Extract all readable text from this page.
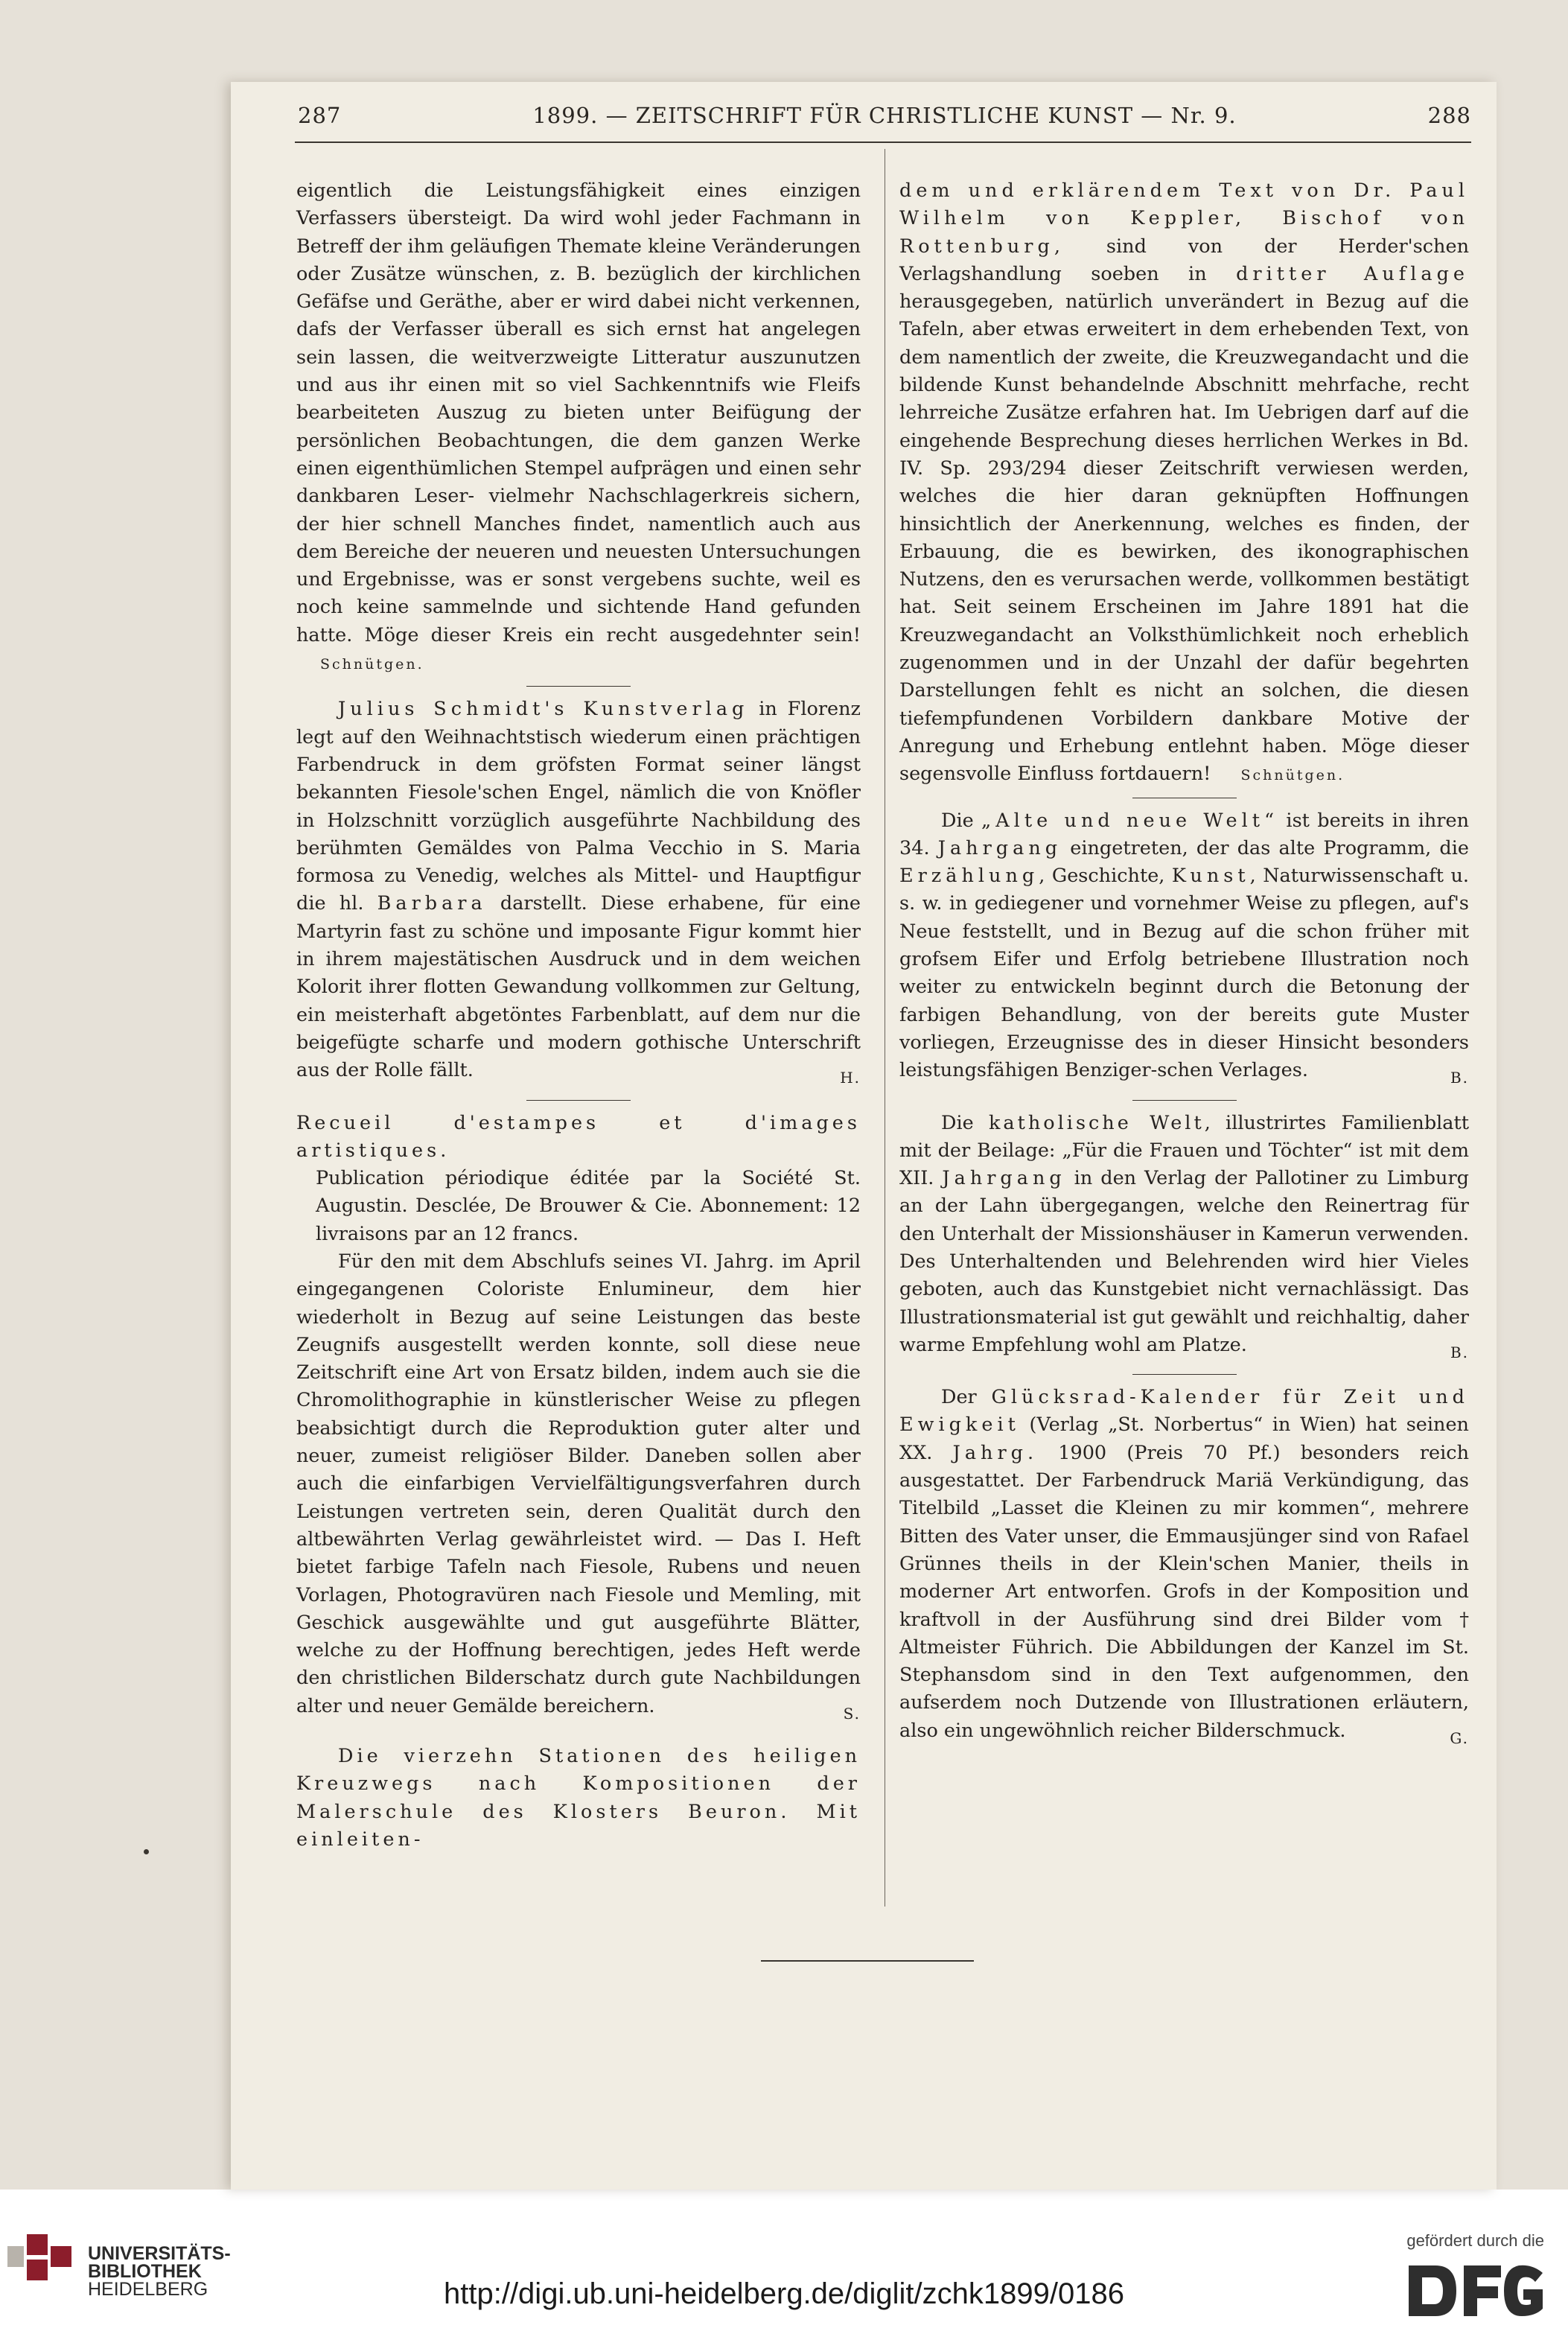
287	1899. — ZEITSCHRIFT FÜR CHRISTLICHE KUNST — Nr. 9.	288

eigentlich die Leistungsfähigkeit eines einzigen Verfassers übersteigt. Da wird wohl jeder Fachmann in Betreff der ihm geläufigen Themate kleine Veränderungen oder Zusätze wünschen, z. B. bezüglich der kirchlichen Gefäfse und Geräthe, aber er wird dabei nicht verkennen, dafs der Verfasser überall es sich ernst hat angelegen sein lassen, die weitverzweigte Litteratur auszunutzen und aus ihr einen mit so viel Sachkenntnifs wie Fleifs bearbeiteten Auszug zu bieten unter Beifügung der persönlichen Beobachtungen, die dem ganzen Werke einen eigenthümlichen Stempel aufprägen und einen sehr dankbaren Leser- vielmehr Nachschlagerkreis sichern, der hier schnell Manches findet, namentlich auch aus dem Bereiche der neueren und neuesten Untersuchungen und Ergebnisse, was er sonst vergebens suchte, weil es noch keine sammelnde und sichtende Hand gefunden hatte. Möge dieser Kreis ein recht ausgedehnter sein! Schnütgen.

Julius Schmidt's Kunstverlag in Florenz legt auf den Weihnachtstisch wiederum einen prächtigen Farbendruck in dem gröfsten Format seiner längst bekannten Fiesole'schen Engel, nämlich die von Knöfler in Holzschnitt vorzüglich ausgeführte Nachbildung des berühmten Gemäldes von Palma Vecchio in S. Maria formosa zu Venedig, welches als Mittel- und Hauptfigur die hl. Barbara darstellt. Diese erhabene, für eine Martyrin fast zu schöne und imposante Figur kommt hier in ihrem majestätischen Ausdruck und in dem weichen Kolorit ihrer flotten Gewandung vollkommen zur Geltung, ein meisterhaft abgetöntes Farbenblatt, auf dem nur die beigefügte scharfe und modern gothische Unterschrift aus der Rolle fällt.	H.

Recueil d'estampes et d'images artistiques.

Publication périodique éditée par la Société St. Augustin. Desclée, De Brouwer & Cie. Abonnement: 12 livraisons par an 12 francs.

Für den mit dem Abschlufs seines VI. Jahrg. im April eingegangenen Coloriste Enlumineur, dem hier wiederholt in Bezug auf seine Leistungen das beste Zeugnifs ausgestellt werden konnte, soll diese neue Zeitschrift eine Art von Ersatz bilden, indem auch sie die Chromolithographie in künstlerischer Weise zu pflegen beabsichtigt durch die Reproduktion guter alter und neuer, zumeist religiöser Bilder. Daneben sollen aber auch die einfarbigen Vervielfältigungsverfahren durch Leistungen vertreten sein, deren Qualität durch den altbewährten Verlag gewährleistet wird. — Das I. Heft bietet farbige Tafeln nach Fiesole, Rubens und neuen Vorlagen, Photogravüren nach Fiesole und Memling, mit Geschick ausgewählte und gut ausgeführte Blätter, welche zu der Hoffnung berechtigen, jedes Heft werde den christlichen Bilderschatz durch gute Nachbildungen alter und neuer Gemälde bereichern.	S.

Die vierzehn Stationen des heiligen Kreuzwegs nach Kompositionen der Malerschule des Klosters Beuron. Mit einleiten-

dem und erklärendem Text von Dr. Paul Wilhelm von Keppler, Bischof von Rottenburg, sind von der Herder'schen Verlagshandlung soeben in dritter Auflage herausgegeben, natürlich unverändert in Bezug auf die Tafeln, aber etwas erweitert in dem erhebenden Text, von dem namentlich der zweite, die Kreuzwegandacht und die bildende Kunst behandelnde Abschnitt mehrfache, recht lehrreiche Zusätze erfahren hat. Im Uebrigen darf auf die eingehende Besprechung dieses herrlichen Werkes in Bd. IV. Sp. 293/294 dieser Zeitschrift verwiesen werden, welches die hier daran geknüpften Hoffnungen hinsichtlich der Anerkennung, welches es finden, der Erbauung, die es bewirken, des ikonographischen Nutzens, den es verursachen werde, vollkommen bestätigt hat. Seit seinem Erscheinen im Jahre 1891 hat die Kreuzwegandacht an Volksthümlichkeit noch erheblich zugenommen und in der Unzahl der dafür begehrten Darstellungen fehlt es nicht an solchen, die diesen tiefempfundenen Vorbildern dankbare Motive der Anregung und Erhebung entlehnt haben. Möge dieser segensvolle Einfluss fortdauern! Schnütgen.

Die „Alte und neue Welt“ ist bereits in ihren 34. Jahrgang eingetreten, der das alte Programm, die Erzählung, Geschichte, Kunst, Naturwissenschaft u. s. w. in gediegener und vornehmer Weise zu pflegen, auf's Neue feststellt, und in Bezug auf die schon früher mit grofsem Eifer und Erfolg betriebene Illustration noch weiter zu entwickeln beginnt durch die Betonung der farbigen Behandlung, von der bereits gute Muster vorliegen, Erzeugnisse des in dieser Hinsicht besonders leistungsfähigen Benziger-schen Verlages.	B.

Die katholische Welt, illustrirtes Familienblatt mit der Beilage: „Für die Frauen und Töchter“ ist mit dem XII. Jahrgang in den Verlag der Pallotiner zu Limburg an der Lahn übergegangen, welche den Reinertrag für den Unterhalt der Missionshäuser in Kamerun verwenden. Des Unterhaltenden und Belehrenden wird hier Vieles geboten, auch das Kunstgebiet nicht vernachlässigt. Das Illustrationsmaterial ist gut gewählt und reichhaltig, daher warme Empfehlung wohl am Platze.	B.

Der Glücksrad-Kalender für Zeit und Ewigkeit (Verlag „St. Norbertus“ in Wien) hat seinen XX. Jahrg. 1900 (Preis 70 Pf.) besonders reich ausgestattet. Der Farbendruck Mariä Verkündigung, das Titelbild „Lasset die Kleinen zu mir kommen“, mehrere Bitten des Vater unser, die Emmausjünger sind von Rafael Grünnes theils in der Klein'schen Manier, theils in moderner Art entworfen. Grofs in der Komposition und kraftvoll in der Ausführung sind drei Bilder vom † Altmeister Führich. Die Abbildungen der Kanzel im St. Stephansdom sind in den Text aufgenommen, den aufserdem noch Dutzende von Illustrationen erläutern, also ein ungewöhnlich reicher Bilderschmuck.	G.

UNIVERSITÄTS-
BIBLIOTHEK
HEIDELBERG	http://digi.ub.uni-heidelberg.de/diglit/zchk1899/0186
gefördert durch die
